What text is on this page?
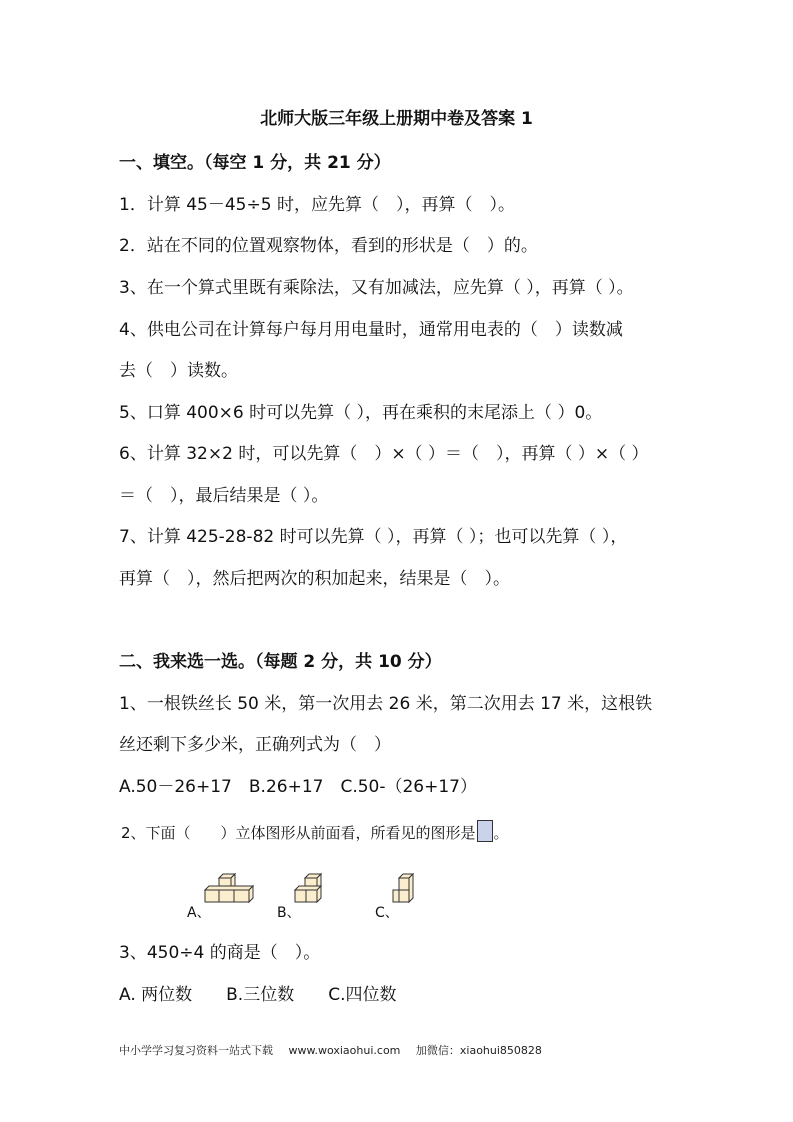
北师大版三年级上册期中卷及答案 1
一、填空。（每空 1 分，共 21 分）
1．计算 45－45÷5 时，应先算（　），再算（　）。
2．站在不同的位置观察物体，看到的形状是（　）的。
3、在一个算式里既有乘除法，又有加减法，应先算（ ），再算（ ）。
4、供电公司在计算每户每月用电量时，通常用电表的（　）读数减
去（　）读数。
5、口算 400×6 时可以先算（ ），再在乘积的末尾添上（ ）0。
6、计算 32×2 时，可以先算（　）×（ ）＝（　），再算（ ）×（ ）
＝（　），最后结果是（ ）。
7、计算 425-28-82 时可以先算（ ），再算（ ）；也可以先算（ ），
再算（　），然后把两次的积加起来，结果是（　）。
二、我来选一选。（每题 2 分，共 10 分）
1、一根铁丝长 50 米，第一次用去 26 米，第二次用去 17 米，这根铁
丝还剩下多少米，正确列式为（　）
A.50－26+17　B.26+17　C.50-（26+17）
2、下面（　　）立体图形从前面看，所看见的图形是 。
A、	B、	C、
3、450÷4 的商是（　）。
A. 两位数　　B.三位数　　C.四位数
中小学学习复习资料一站式下载 www.woxiaohui.com 加微信：xiaohui850828
